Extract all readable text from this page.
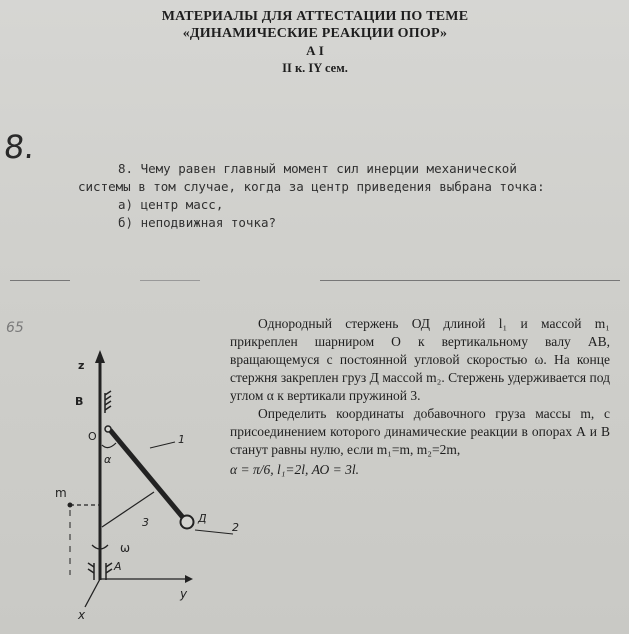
МАТЕРИАЛЫ ДЛЯ АТТЕСТАЦИИ ПО ТЕМЕ
«ДИНАМИЧЕСКИЕ РЕАКЦИИ ОПОР»
А I
II к. IY сем.
8.
8. Чему равен главный момент сил инерции механической
системы в том случае, когда за центр приведения выбрана точка:
а) центр масс,
б) неподвижная точка?
65	Однородный стержень ОД длиной l₁ и массой m₁ прикреплен шарниром О к вертикальному валу АВ, вращающемуся с постоянной угловой скоростью ω. На конце стержня закреплен груз Д массой m₂. Стержень удерживается под углом α к вертикали пружиной 3.

Определить координаты добавочного груза массы m, с присоединением которого динамические реакции в опорах А и В станут равны нулю, если m₁=m, m₂=2m,

α = π/6, l₁=2l, АО = 3l.

z
B
O
α
1
m
3	Д
2
ω
A
y
x
